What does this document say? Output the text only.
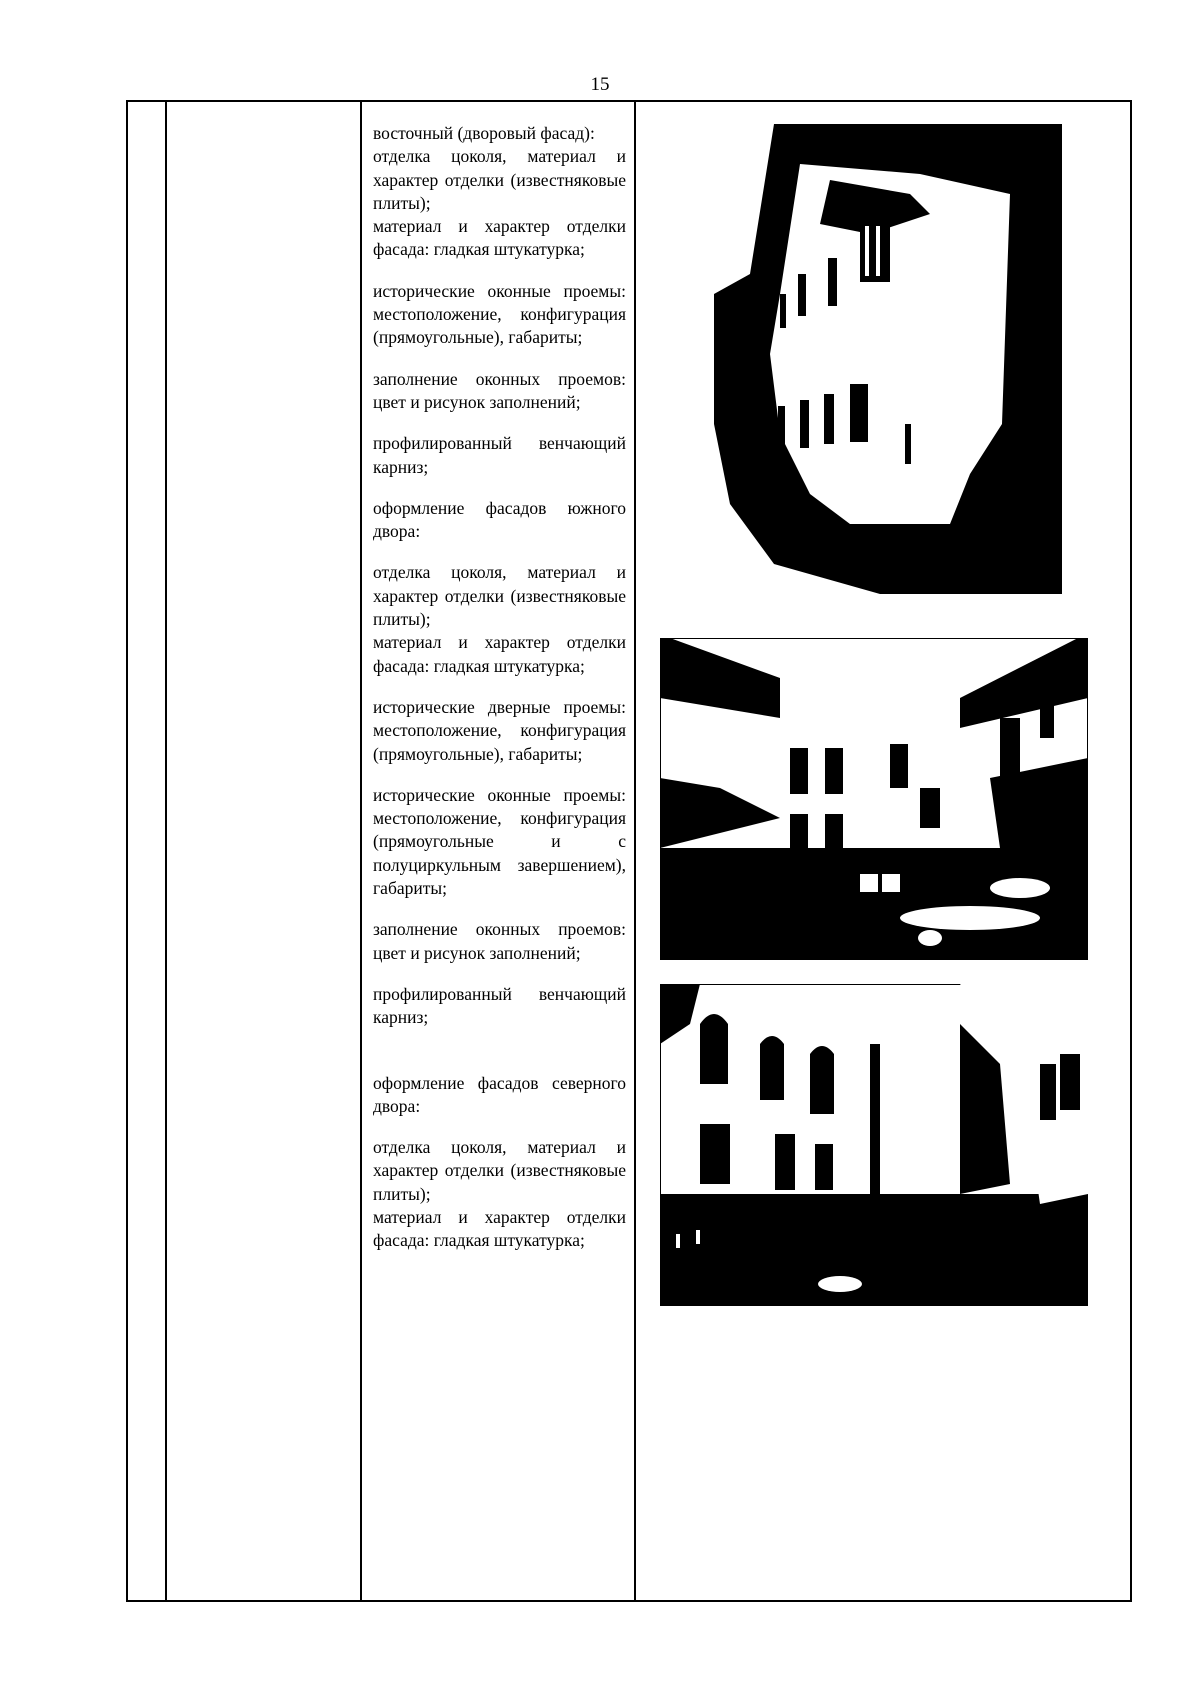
15

восточный (дворовый фасад):
отделка цоколя, материал и характер отделки (известняковые плиты);
материал и характер отделки фасада: гладкая штукатурка;

исторические оконные проемы: местоположение, конфигурация (прямоугольные), габариты;

заполнение оконных проемов: цвет и рисунок заполнений;

профилированный венчающий карниз;

оформление фасадов южного двора:

отделка цоколя, материал и характер отделки (известняковые плиты);
материал и характер отделки фасада: гладкая штукатурка;

исторические дверные проемы: местоположение, конфигурация (прямоугольные), габариты;

исторические оконные проемы: местоположение, конфигурация (прямоугольные и с полуциркульным завершением), габариты;

заполнение оконных проемов: цвет и рисунок заполнений;

профилированный венчающий карниз;

оформление фасадов северного двора:

отделка цоколя, материал и характер отделки (известняковые плиты);
материал и характер отделки фасада: гладкая штукатурка;
